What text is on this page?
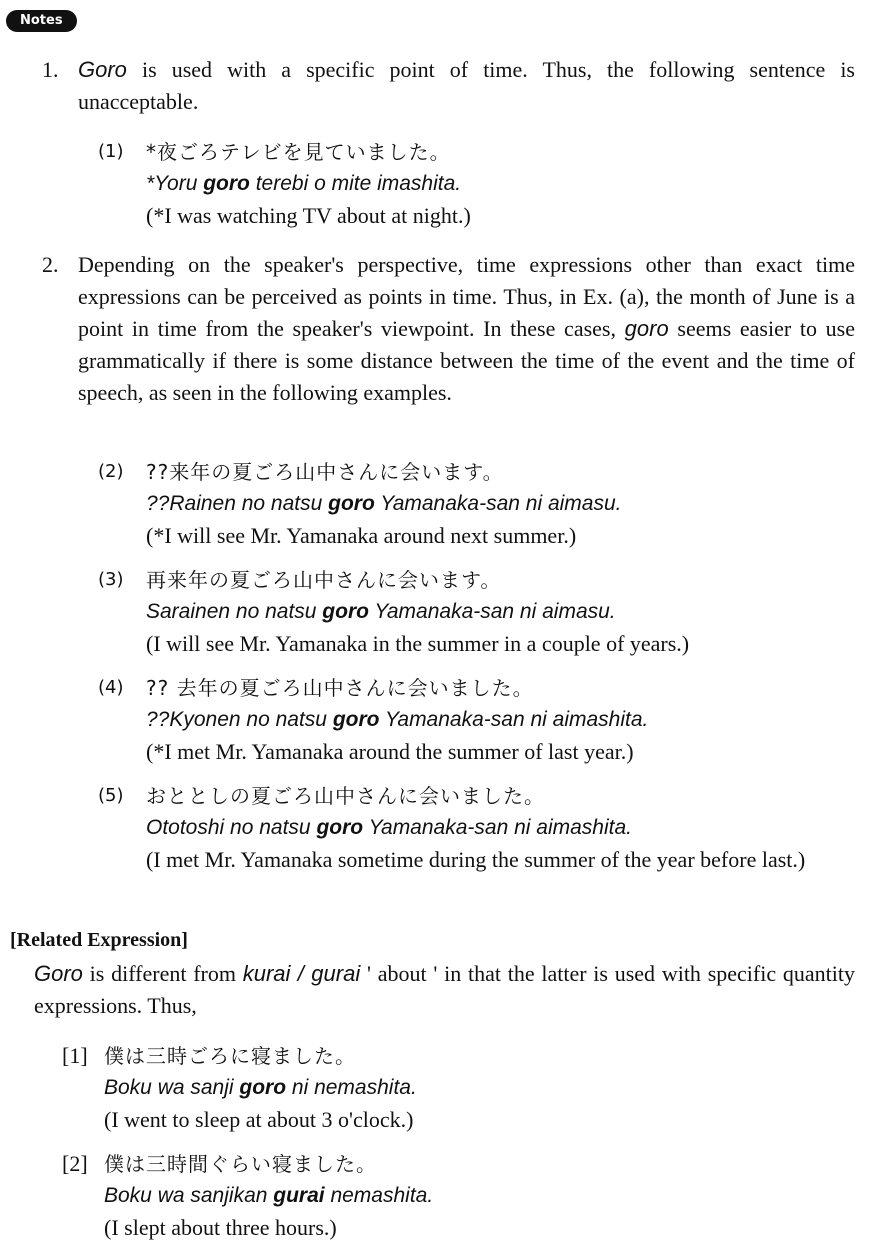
Notes
1. Goro is used with a specific point of time. Thus, the following sentence is unacceptable.
(1) *夜ごろテレビを見ていました。
*Yoru goro terebi o mite imashita.
(*I was watching TV about at night.)
2. Depending on the speaker's perspective, time expressions other than exact time expressions can be perceived as points in time. Thus, in Ex. (a), the month of June is a point in time from the speaker's viewpoint. In these cases, goro seems easier to use grammatically if there is some distance between the time of the event and the time of speech, as seen in the following examples.
(2) ??来年の夏ごろ山中さんに会います。
??Rainen no natsu goro Yamanaka-san ni aimasu.
(*I will see Mr. Yamanaka around next summer.)
(3) 再来年の夏ごろ山中さんに会います。
Sarainen no natsu goro Yamanaka-san ni aimasu.
(I will see Mr. Yamanaka in the summer in a couple of years.)
(4) ?? 去年の夏ごろ山中さんに会いました。
??Kyonen no natsu goro Yamanaka-san ni aimashita.
(*I met Mr. Yamanaka around the summer of last year.)
(5) おととしの夏ごろ山中さんに会いました。
Ototoshi no natsu goro Yamanaka-san ni aimashita.
(I met Mr. Yamanaka sometime during the summer of the year before last.)
[Related Expression]
Goro is different from kurai / gurai ' about ' in that the latter is used with specific quantity expressions. Thus,
[1] 僕は三時ごろに寝ました。
Boku wa sanji goro ni nemashita.
(I went to sleep at about 3 o'clock.)
[2] 僕は三時間ぐらい寝ました。
Boku wa sanjikan gurai nemashita.
(I slept about three hours.)
